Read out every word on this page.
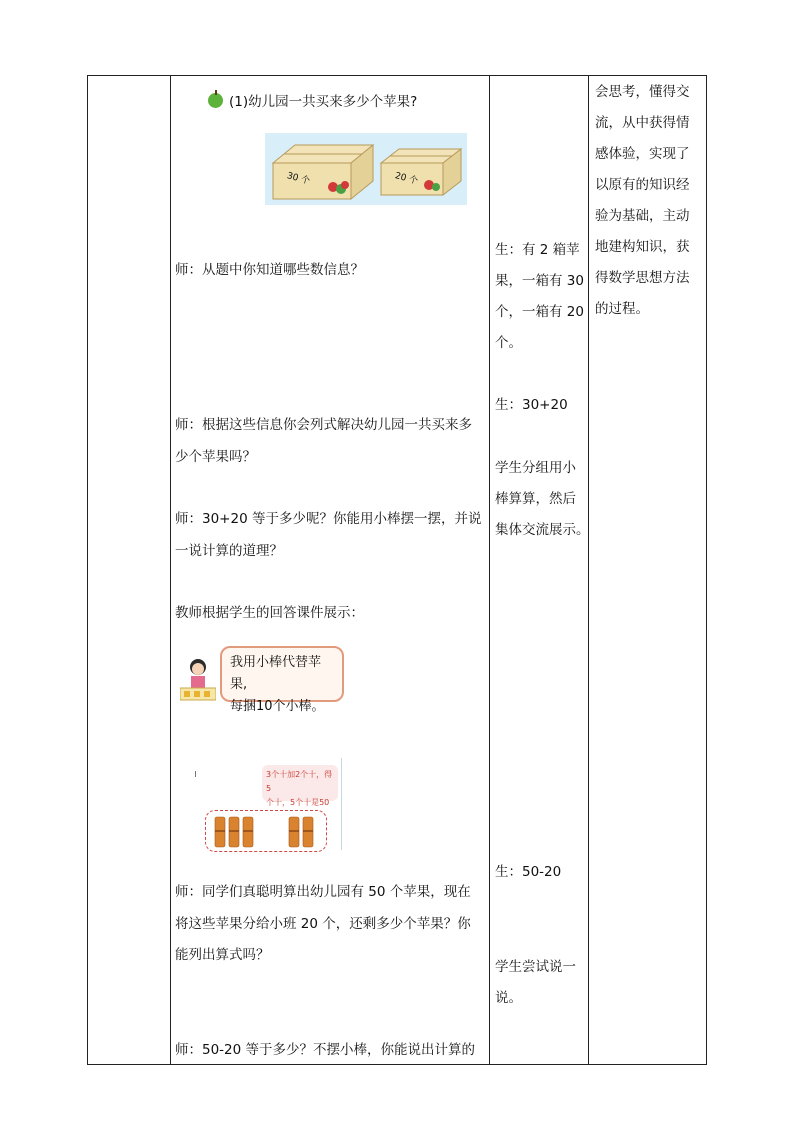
(1)幼儿园一共买来多少个苹果?
30 个	20 个
师：从题中你知道哪些数信息？
师：根据这些信息你会列式解决幼儿园一共买来多
少个苹果吗？
师：30+20 等于多少呢？你能用小棒摆一摆，并说
一说计算的道理？
教师根据学生的回答课件展示：
我用小棒代替苹果,
每捆10个小棒。
3个十加2个十，得5
个十，5个十是50
师：同学们真聪明算出幼儿园有 50 个苹果，现在
将这些苹果分给小班 20 个，还剩多少个苹果？你
能列出算式吗？
师：50-20 等于多少？不摆小棒，你能说出计算的
生：有 2 箱苹
果，一箱有 30
个，一箱有 20
个。
生：30+20
学生分组用小
棒算算，然后
集体交流展示。
生：50-20
学生尝试说一
说。
会思考，懂得交
流，从中获得情
感体验，实现了
以原有的知识经
验为基础，主动
地建构知识，获
得数学思想方法
的过程。
